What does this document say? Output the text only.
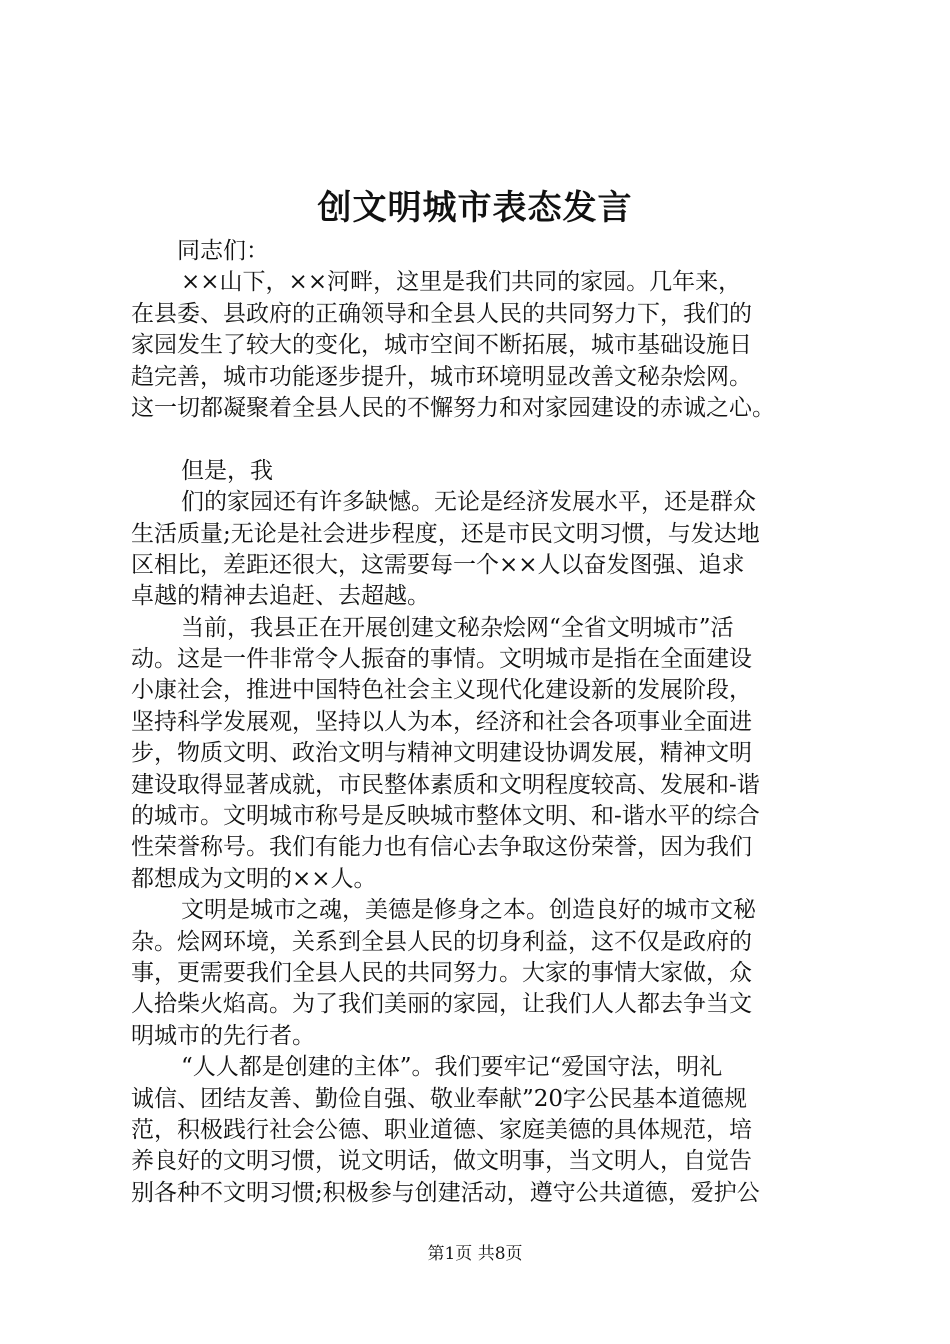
创文明城市表态发言
同志们：
××山下，××河畔，这里是我们共同的家园。几年来，
在县委、县政府的正确领导和全县人民的共同努力下，我们的
家园发生了较大的变化，城市空间不断拓展，城市基础设施日
趋完善，城市功能逐步提升，城市环境明显改善文秘杂烩网。
这一切都凝聚着全县人民的不懈努力和对家园建设的赤诚之心。
但是，我
们的家园还有许多缺憾。无论是经济发展水平，还是群众
生活质量;无论是社会进步程度，还是市民文明习惯，与发达地
区相比，差距还很大，这需要每一个××人以奋发图强、追求
卓越的精神去追赶、去超越。
当前，我县正在开展创建文秘杂烩网“全省文明城市”活
动。这是一件非常令人振奋的事情。文明城市是指在全面建设
小康社会，推进中国特色社会主义现代化建设新的发展阶段，
坚持科学发展观，坚持以人为本，经济和社会各项事业全面进
步，物质文明、政治文明与精神文明建设协调发展，精神文明
建设取得显著成就，市民整体素质和文明程度较高、发展和-谐
的城市。文明城市称号是反映城市整体文明、和-谐水平的综合
性荣誉称号。我们有能力也有信心去争取这份荣誉，因为我们
都想成为文明的××人。
文明是城市之魂，美德是修身之本。创造良好的城市文秘
杂。烩网环境，关系到全县人民的切身利益，这不仅是政府的
事，更需要我们全县人民的共同努力。大家的事情大家做，众
人拾柴火焰高。为了我们美丽的家园，让我们人人都去争当文
明城市的先行者。
“人人都是创建的主体”。我们要牢记“爱国守法，明礼
诚信、团结友善、勤俭自强、敬业奉献”20字公民基本道德规
范，积极践行社会公德、职业道德、家庭美德的具体规范，培
养良好的文明习惯，说文明话，做文明事，当文明人，自觉告
别各种不文明习惯;积极参与创建活动，遵守公共道德，爱护公
第1页 共8页
